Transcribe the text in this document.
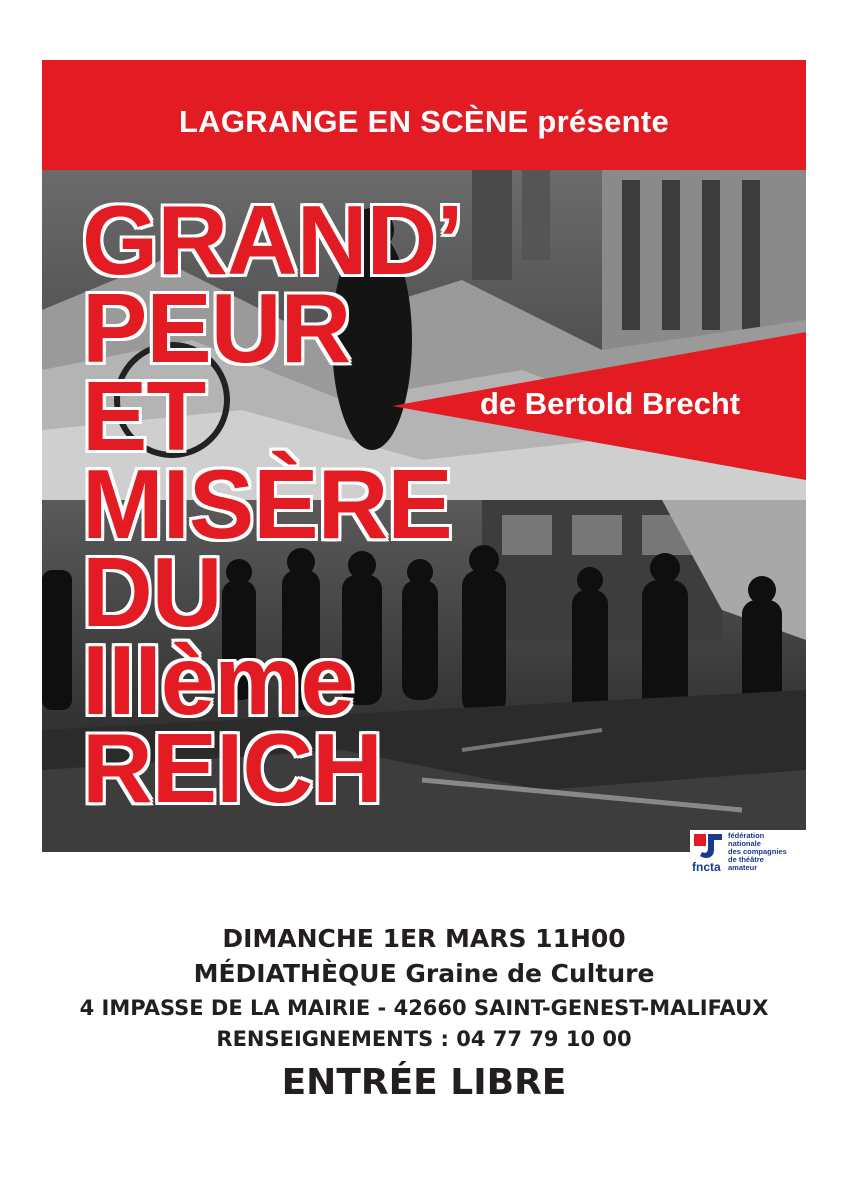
LAGRANGE EN SCÈNE présente
GRAND’
PEUR
ET
MISÈRE
DU
IIIème
REICH
de Bertold Brecht
fncta
fédération
nationale
des compagnies
de théâtre
amateur
DIMANCHE 1ER MARS 11H00
MÉDIATHÈQUE Graine de Culture
4 IMPASSE DE LA MAIRIE - 42660 SAINT-GENEST-MALIFAUX
RENSEIGNEMENTS : 04 77 79 10 00
ENTRÉE LIBRE
